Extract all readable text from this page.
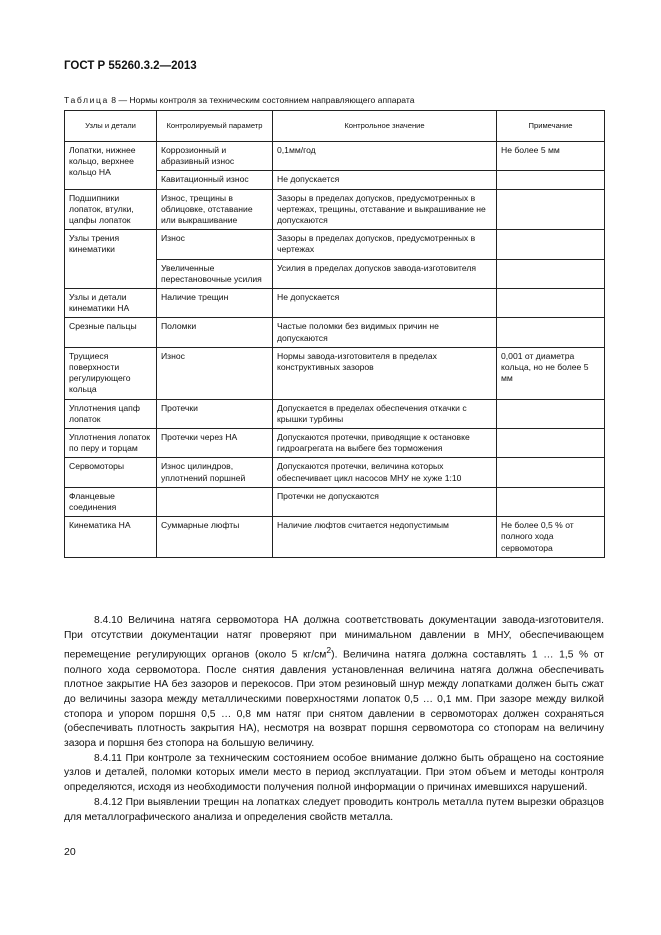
ГОСТ Р 55260.3.2—2013
Таблица 8 — Нормы контроля за техническим состоянием направляющего аппарата
Узлы и детали	Контролируемый параметр	Контрольное значение	Примечание
Лопатки, нижнее кольцо, верхнее кольцо НА	Коррозионный и абразивный износ	0,1мм/год	Не более 5 мм
	Кавитационный износ	Не допускается	
Подшипники лопаток, втулки, цапфы лопаток	Износ, трещины в облицовке, отставание или выкрашивание	Зазоры в пределах допусков, предусмотренных в чертежах, трещины, отставание и выкрашивание не допускаются	
Узлы трения кинематики	Износ	Зазоры в пределах допусков, предусмотренных в чертежах	
	Увеличенные перестановочные усилия	Усилия в пределах допусков завода-изготовителя	
Узлы и детали кинематики НА	Наличие трещин	Не допускается	
Срезные пальцы	Поломки	Частые поломки без видимых причин не допускаются	
Трущиеся поверхности регулирующего кольца	Износ	Нормы завода-изготовителя в пределах конструктивных зазоров	0,001 от диаметра кольца, но не более 5 мм
Уплотнения цапф лопаток	Протечки	Допускается в пределах обеспечения откачки с крышки турбины	
Уплотнения лопаток по перу и торцам	Протечки через НА	Допускаются протечки, приводящие к остановке гидроагрегата на выбеге без торможения	
Сервомоторы	Износ цилиндров, уплотнений поршней	Допускаются протечки, величина которых обеспечивает цикл насосов МНУ не хуже 1:10	
Фланцевые соединения		Протечки не допускаются	
Кинематика НА	Суммарные люфты	Наличие люфтов считается недопустимым	Не более 0,5 % от полного хода сервомотора

8.4.10 Величина натяга сервомотора НА должна соответствовать документации завода-изготовителя. При отсутствии документации натяг проверяют при минимальном давлении в МНУ, обеспечивающем перемещение регулирующих органов (около 5 $кг/см^2$). Величина натяга должна составлять 1 … 1,5 % от полного хода сервомотора. После снятия давления установленная величина натяга должна обеспечивать плотное закрытие НА без зазоров и перекосов. При этом резиновый шнур между лопатками должен быть сжат до величины зазора между металлическими поверхностями лопаток 0,5 … 0,1 мм. При зазоре между вилкой стопора и упором поршня 0,5 … 0,8 мм натяг при снятом давлении в сервомоторах должен сохраняться (обеспечивать плотность закрытия НА), несмотря на возврат поршня сервомотора со стопорам на величину зазора и поршня без стопора на большую величину.

8.4.11 При контроле за техническим состоянием особое внимание должно быть обращено на состояние узлов и деталей, поломки которых имели место в период эксплуатации. При этом объем и методы контроля определяются, исходя из необходимости получения полной информации о причинах имевшихся нарушений.

8.4.12 При выявлении трещин на лопатках следует проводить контроль металла путем вырезки образцов для металлографического анализа и определения свойств металла.

20
